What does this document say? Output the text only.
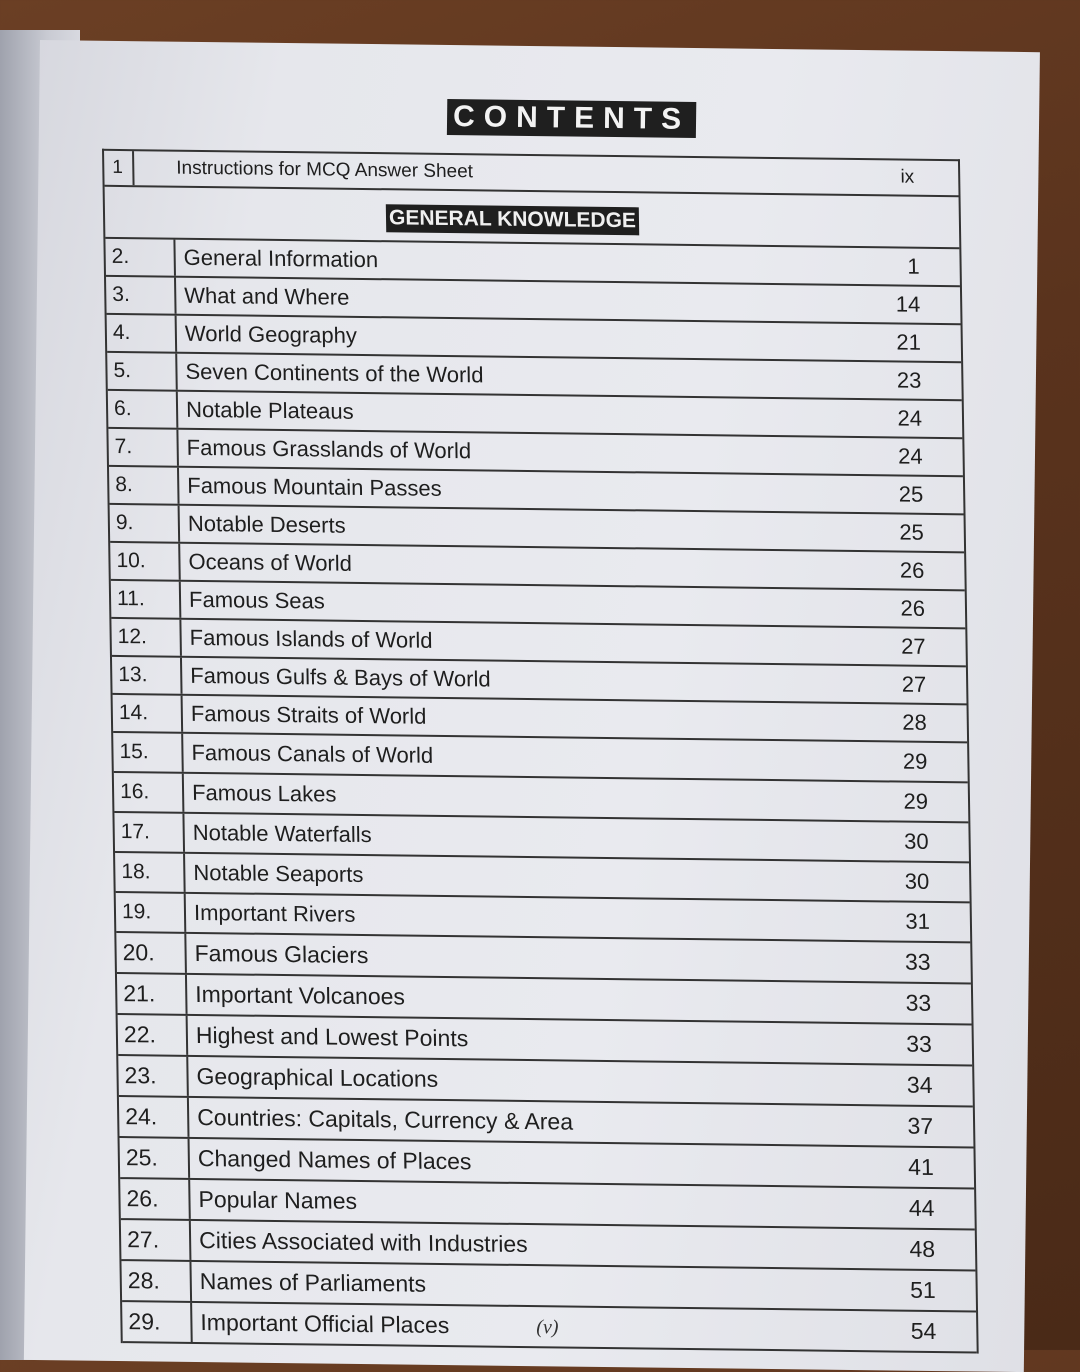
CONTENTS
1	Instructions for MCQ Answer Sheet	ix
GENERAL KNOWLEDGE
2.	General Information	1
3.	What and Where	14
4.	World Geography	21
5.	Seven Continents of the World	23
6.	Notable Plateaus	24
7.	Famous Grasslands of World	24
8.	Famous Mountain Passes	25
9.	Notable Deserts	25
10.	Oceans of World	26
11.	Famous Seas	26
12.	Famous Islands of World	27
13.	Famous Gulfs & Bays of World	27
14.	Famous Straits of World	28
15.	Famous Canals of World	29
16.	Famous Lakes	29
17.	Notable Waterfalls	30
18.	Notable Seaports	30
19.	Important Rivers	31
20.	Famous Glaciers	33
21.	Important Volcanoes	33
22.	Highest and Lowest Points	33
23.	Geographical Locations	34
24.	Countries: Capitals, Currency & Area	37
25.	Changed Names of Places	41
26.	Popular Names	44
27.	Cities Associated with Industries	48
28.	Names of Parliaments	51
29.	Important Official Places	54
(v)
